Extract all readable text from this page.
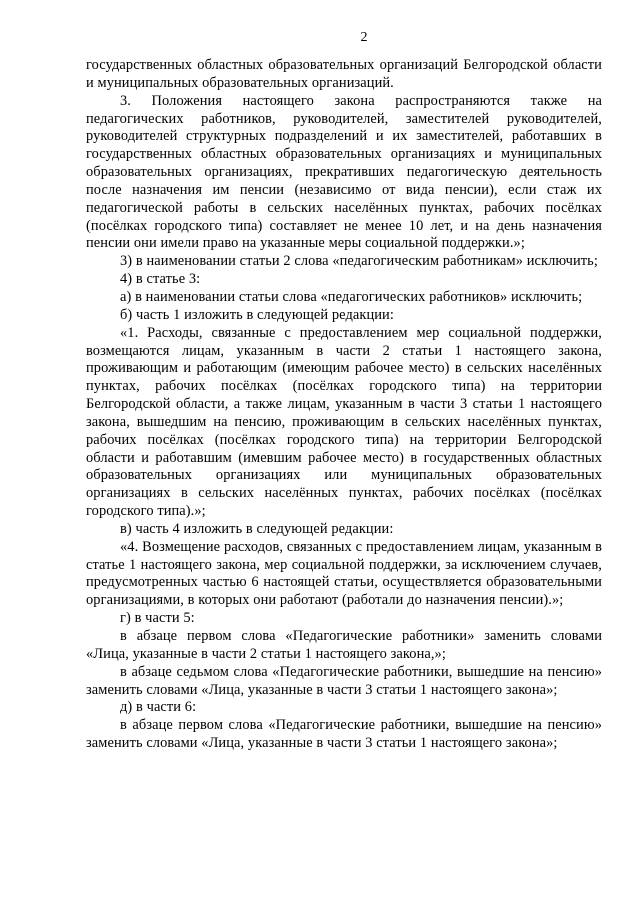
2

государственных областных образовательных организаций Белгородской области и муниципальных образовательных организаций.

3. Положения настоящего закона распространяются также на педагогических работников, руководителей, заместителей руководителей, руководителей структурных подразделений и их заместителей, работавших в государственных областных образовательных организациях и муниципальных образовательных организациях, прекративших педагогическую деятельность после назначения им пенсии (независимо от вида пенсии), если стаж их педагогической работы в сельских населённых пунктах, рабочих посёлках (посёлках городского типа) составляет не менее 10 лет, и на день назначения пенсии они имели право на указанные меры социальной поддержки.»;

3) в наименовании статьи 2 слова «педагогическим работникам» исключить;

4) в статье 3:

а) в наименовании статьи слова «педагогических работников» исключить;

б) часть 1 изложить в следующей редакции:

«1. Расходы, связанные с предоставлением мер социальной поддержки, возмещаются лицам, указанным в части 2 статьи 1 настоящего закона, проживающим и работающим (имеющим рабочее место) в сельских населённых пунктах, рабочих посёлках (посёлках городского типа) на территории Белгородской области, а также лицам, указанным в части 3 статьи 1 настоящего закона, вышедшим на пенсию, проживающим в сельских населённых пунктах, рабочих посёлках (посёлках городского типа) на территории Белгородской области и работавшим (имевшим рабочее место) в государственных областных образовательных организациях или муниципальных образовательных организациях в сельских населённых пунктах, рабочих посёлках (посёлках городского типа).»;

в) часть 4 изложить в следующей редакции:

«4. Возмещение расходов, связанных с предоставлением лицам, указанным в статье 1 настоящего закона, мер социальной поддержки, за исключением случаев, предусмотренных частью 6 настоящей статьи, осуществляется образовательными организациями, в которых они работают (работали до назначения пенсии).»;

г) в части 5:

в абзаце первом слова «Педагогические работники» заменить словами «Лица, указанные в части 2 статьи 1 настоящего закона,»;

в абзаце седьмом слова «Педагогические работники, вышедшие на пенсию» заменить словами «Лица, указанные в части 3 статьи 1 настоящего закона»;

д) в части 6:

в абзаце первом слова «Педагогические работники, вышедшие на пенсию» заменить словами «Лица, указанные в части 3 статьи 1 настоящего закона»;
